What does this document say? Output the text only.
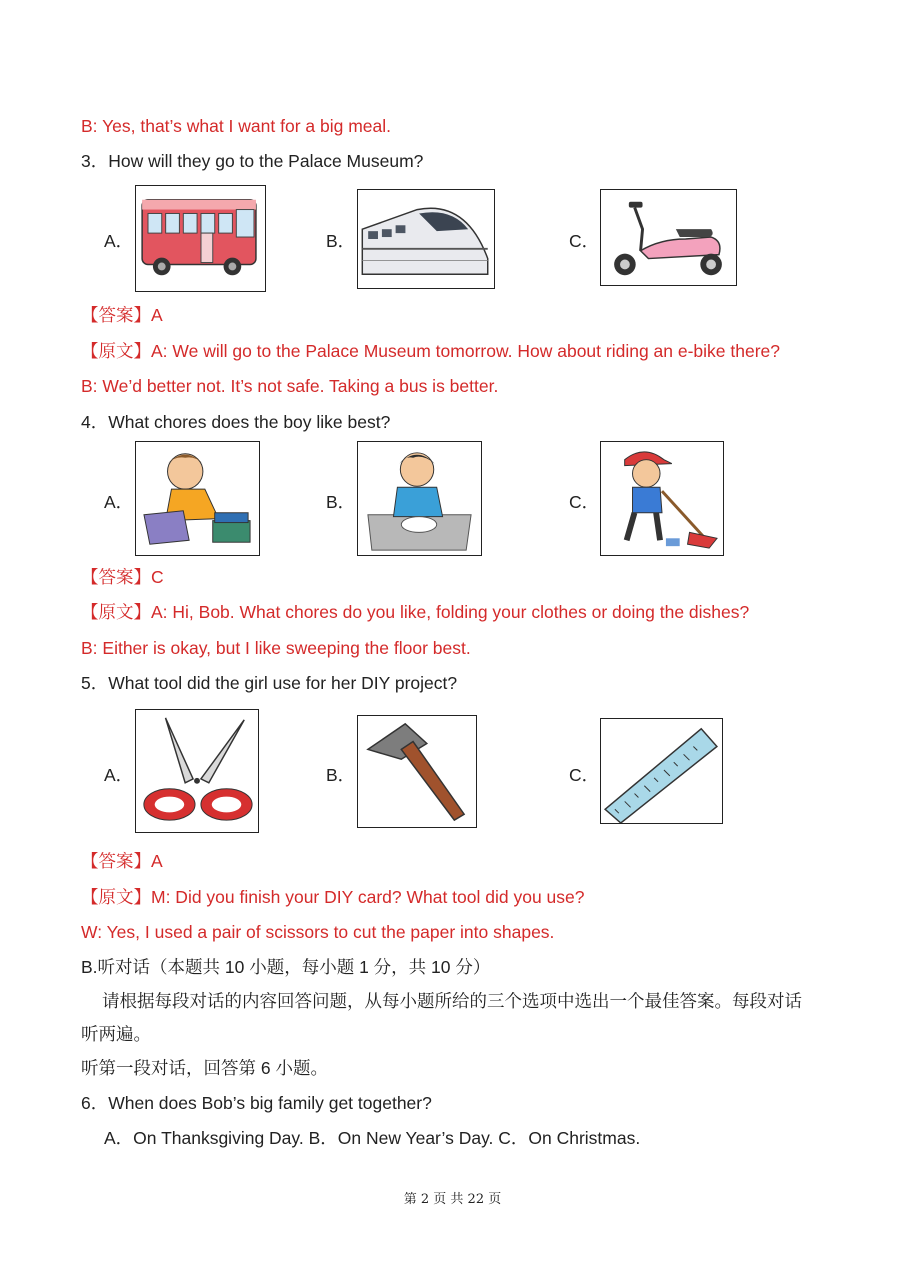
B: Yes, that’s what I want for a big meal.
3．How will they go to the Palace Museum?
A．	B．	C．
【答案】A
【原文】A: We will go to the Palace Museum tomorrow. How about riding an e-bike there?
B: We’d better not. It’s not safe. Taking a bus is better.
4．What chores does the boy like best?
A．	B．	C．
【答案】C
【原文】A: Hi, Bob. What chores do you like, folding your clothes or doing the dishes?
B: Either is okay, but I like sweeping the floor best.
5．What tool did the girl use for her DIY project?
A．	B．	C．
【答案】A
【原文】M: Did you finish your DIY card? What tool did you use?
W: Yes, I used a pair of scissors to cut the paper into shapes.
B.听对话（本题共 10 小题，每小题 1 分，共 10 分）
请根据每段对话的内容回答问题，从每小题所给的三个选项中选出一个最佳答案。每段对话
听两遍。
听第一段对话，回答第 6 小题。
6．When does Bob’s big family get together?
A．On Thanksgiving Day. B．On New Year’s Day. C．On Christmas.
第 2 页 共 22 页
